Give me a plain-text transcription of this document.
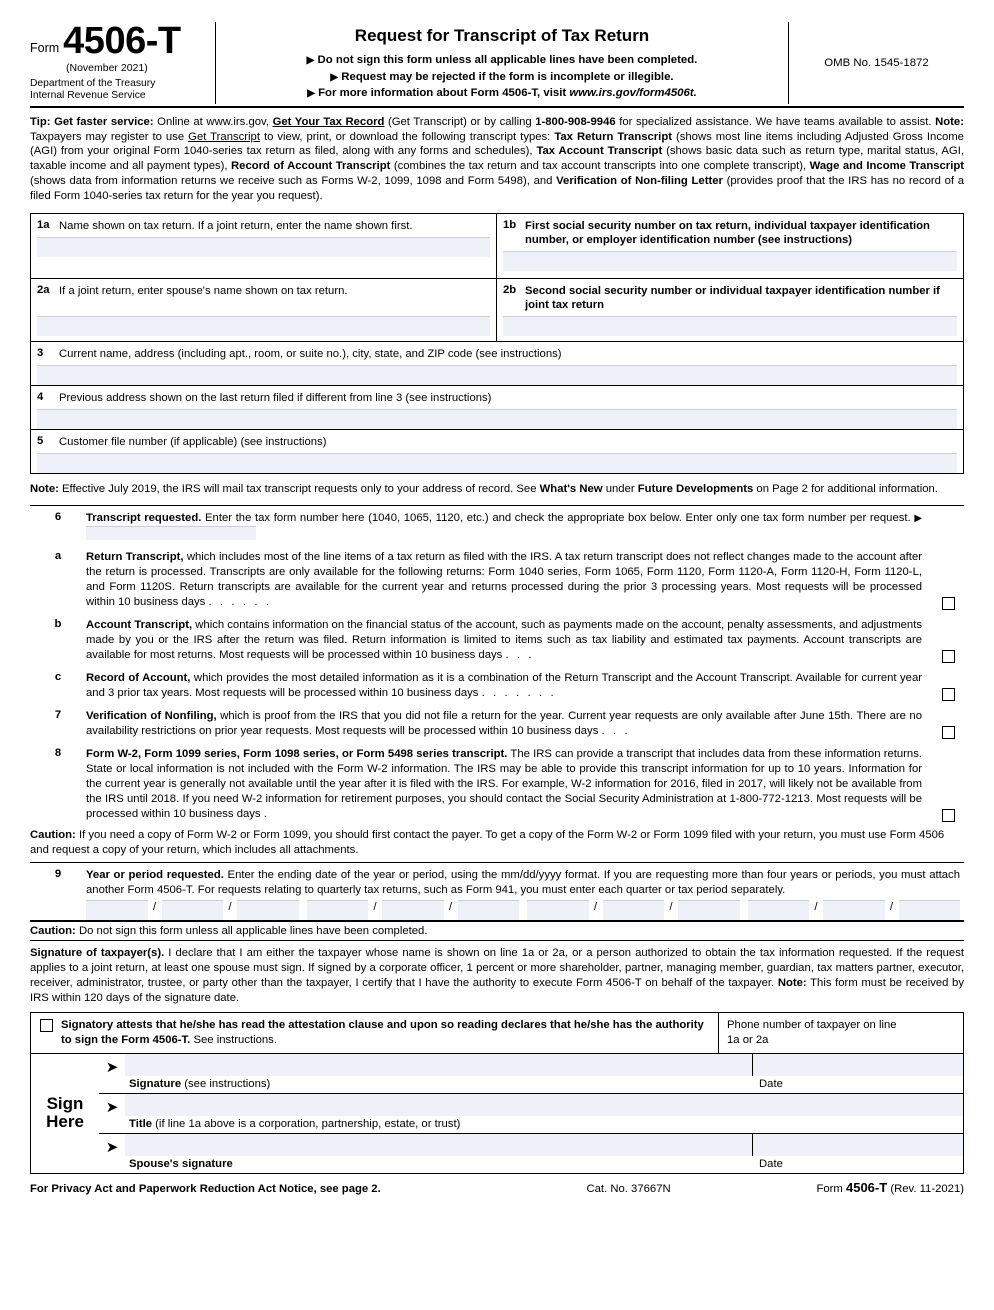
Form 4506-T
(November 2021)
Department of the Treasury
Internal Revenue Service
Request for Transcript of Tax Return
▶ Do not sign this form unless all applicable lines have been completed.
▶ Request may be rejected if the form is incomplete or illegible.
▶ For more information about Form 4506-T, visit www.irs.gov/form4506t.
OMB No. 1545-1872
Tip: Get faster service: Online at www.irs.gov, Get Your Tax Record (Get Transcript) or by calling 1-800-908-9946 for specialized assistance. We have teams available to assist. Note: Taxpayers may register to use Get Transcript to view, print, or download the following transcript types: Tax Return Transcript (shows most line items including Adjusted Gross Income (AGI) from your original Form 1040-series tax return as filed, along with any forms and schedules), Tax Account Transcript (shows basic data such as return type, marital status, AGI, taxable income and all payment types), Record of Account Transcript (combines the tax return and tax account transcripts into one complete transcript), Wage and Income Transcript (shows data from information returns we receive such as Forms W-2, 1099, 1098 and Form 5498), and Verification of Non-filing Letter (provides proof that the IRS has no record of a filed Form 1040-series tax return for the year you request).
1a Name shown on tax return. If a joint return, enter the name shown first.	1b First social security number on tax return, individual taxpayer identification number, or employer identification number (see instructions)
2a If a joint return, enter spouse's name shown on tax return.	2b Second social security number or individual taxpayer identification number if joint tax return
3	Current name, address (including apt., room, or suite no.), city, state, and ZIP code (see instructions)
4	Previous address shown on the last return filed if different from line 3 (see instructions)
5	Customer file number (if applicable) (see instructions)
Note: Effective July 2019, the IRS will mail tax transcript requests only to your address of record. See What's New under Future Developments on Page 2 for additional information.
6	Transcript requested. Enter the tax form number here (1040, 1065, 1120, etc.) and check the appropriate box below. Enter only one tax form number per request. ▶
a	Return Transcript, which includes most of the line items of a tax return as filed with the IRS. A tax return transcript does not reflect changes made to the account after the return is processed. Transcripts are only available for the following returns: Form 1040 series, Form 1065, Form 1120, Form 1120-A, Form 1120-H, Form 1120-L, and Form 1120S. Return transcripts are available for the current year and returns processed during the prior 3 processing years. Most requests will be processed within 10 business days . . . . . .
b	Account Transcript, which contains information on the financial status of the account, such as payments made on the account, penalty assessments, and adjustments made by you or the IRS after the return was filed. Return information is limited to items such as tax liability and estimated tax payments. Account transcripts are available for most returns. Most requests will be processed within 10 business days . . .
c	Record of Account, which provides the most detailed information as it is a combination of the Return Transcript and the Account Transcript. Available for current year and 3 prior tax years. Most requests will be processed within 10 business days . . . . . . .
7	Verification of Nonfiling, which is proof from the IRS that you did not file a return for the year. Current year requests are only available after June 15th. There are no availability restrictions on prior year requests. Most requests will be processed within 10 business days . . .
8	Form W-2, Form 1099 series, Form 1098 series, or Form 5498 series transcript. The IRS can provide a transcript that includes data from these information returns. State or local information is not included with the Form W-2 information. The IRS may be able to provide this transcript information for up to 10 years. Information for the current year is generally not available until the year after it is filed with the IRS. For example, W-2 information for 2016, filed in 2017, will likely not be available from the IRS until 2018. If you need W-2 information for retirement purposes, you should contact the Social Security Administration at 1-800-772-1213. Most requests will be processed within 10 business days .
Caution: If you need a copy of Form W-2 or Form 1099, you should first contact the payer. To get a copy of the Form W-2 or Form 1099 filed with your return, you must use Form 4506 and request a copy of your return, which includes all attachments.
9	Year or period requested. Enter the ending date of the year or period, using the mm/dd/yyyy format. If you are requesting more than four years or periods, you must attach another Form 4506-T. For requests relating to quarterly tax returns, such as Form 941, you must enter each quarter or tax period separately.
/	/	/	/	/	/	/	/
Caution: Do not sign this form unless all applicable lines have been completed.
Signature of taxpayer(s). I declare that I am either the taxpayer whose name is shown on line 1a or 2a, or a person authorized to obtain the tax information requested. If the request applies to a joint return, at least one spouse must sign. If signed by a corporate officer, 1 percent or more shareholder, partner, managing member, guardian, tax matters partner, executor, receiver, administrator, trustee, or party other than the taxpayer, I certify that I have the authority to execute Form 4506-T on behalf of the taxpayer. Note: This form must be received by IRS within 120 days of the signature date.
Signatory attests that he/she has read the attestation clause and upon so reading declares that he/she has the authority to sign the Form 4506-T. See instructions.
Phone number of taxpayer on line
1a or 2a
Sign
Here
➤
Signature (see instructions)	Date
➤
Title (if line 1a above is a corporation, partnership, estate, or trust)
➤
Spouse's signature	Date
For Privacy Act and Paperwork Reduction Act Notice, see page 2.	Cat. No. 37667N	Form 4506-T (Rev. 11-2021)
